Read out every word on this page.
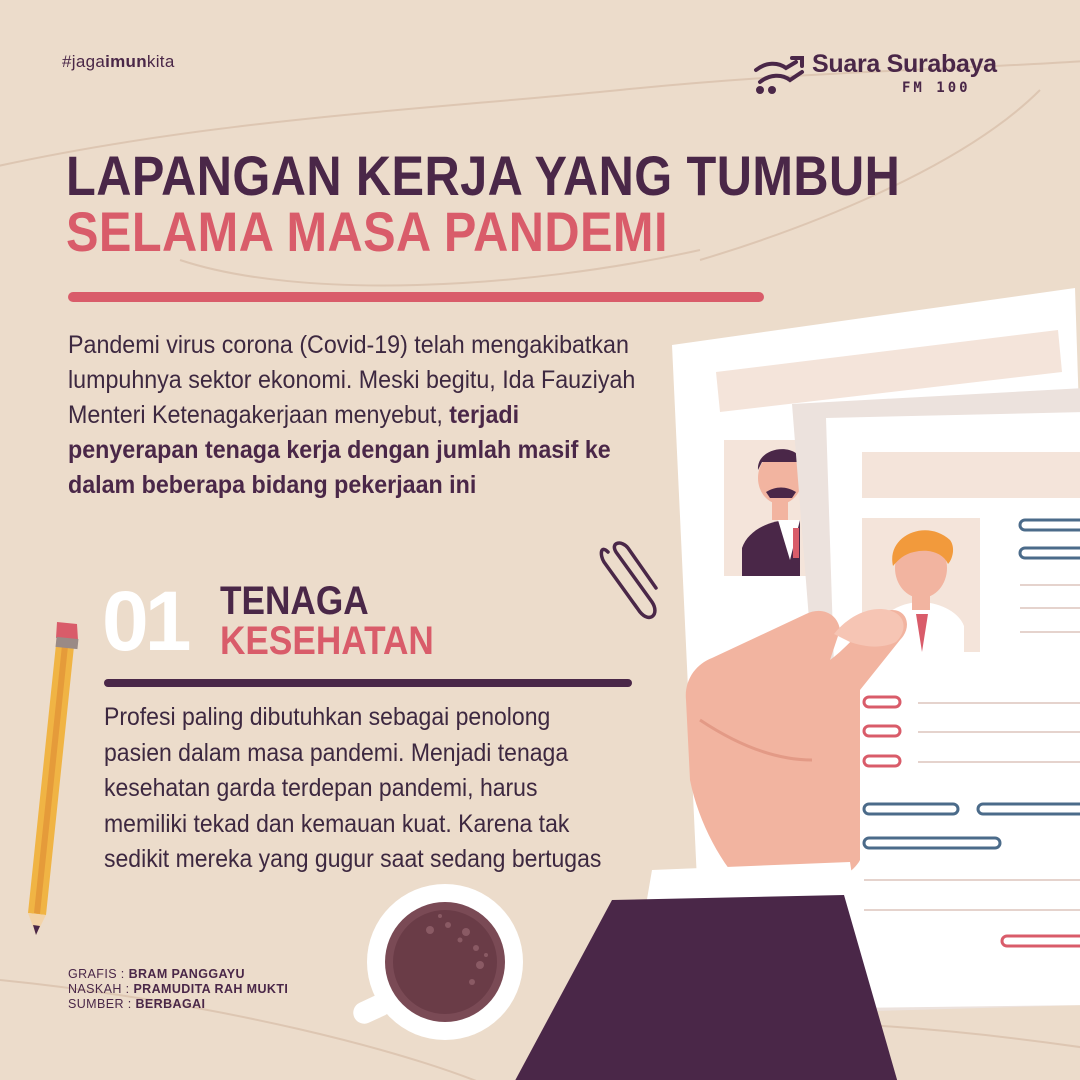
#jagaimunkita	Suara Surabaya
FM 100
LAPANGAN KERJA YANG TUMBUH
SELAMA MASA PANDEMI
Pandemi virus corona (Covid-19) telah mengakibatkan lumpuhnya sektor ekonomi. Meski begitu, Ida Fauziyah Menteri Ketenagakerjaan menyebut, terjadi penyerapan tenaga kerja dengan jumlah masif ke dalam beberapa bidang pekerjaan ini
01 TENAGA
KESEHATAN
Profesi paling dibutuhkan sebagai penolong pasien dalam masa pandemi. Menjadi tenaga kesehatan garda terdepan pandemi, harus memiliki tekad dan kemauan kuat. Karena tak sedikit mereka yang gugur saat sedang bertugas
GRAFIS : BRAM PANGGAYU
NASKAH : PRAMUDITA RAH MUKTI
SUMBER : BERBAGAI
